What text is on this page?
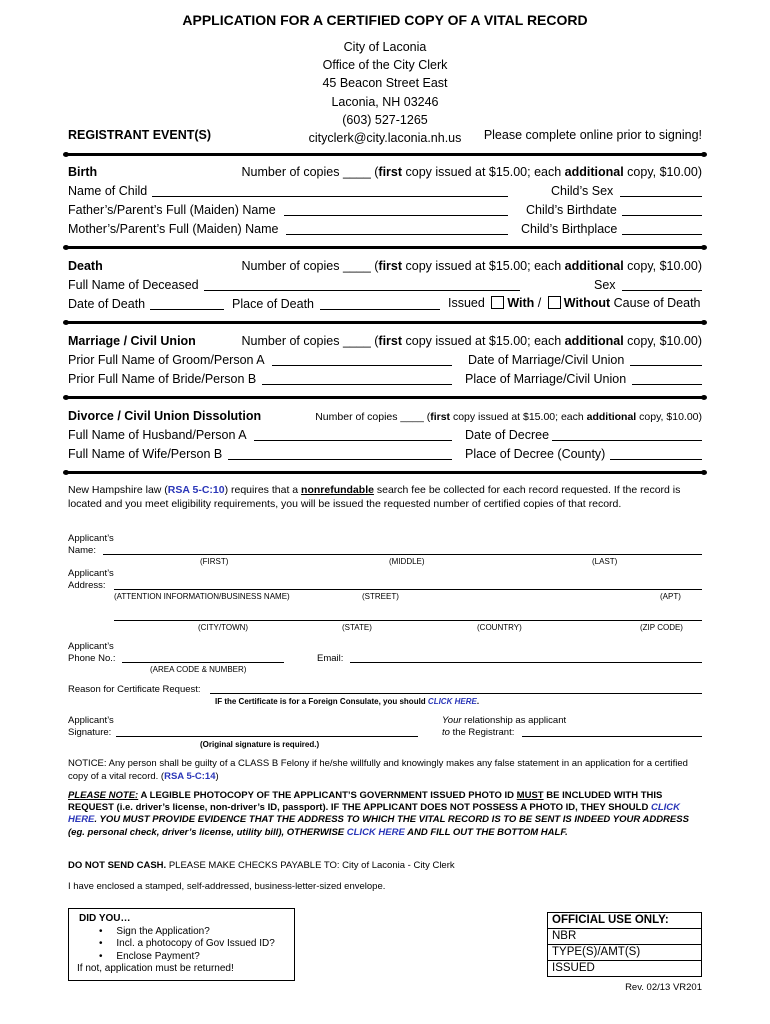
APPLICATION FOR A CERTIFIED COPY OF A VITAL RECORD
City of Laconia
Office of the City Clerk
45 Beacon Street East
Laconia, NH 03246
(603) 527-1265
cityclerk@city.laconia.nh.us
REGISTRANT EVENT(S)	Please complete online prior to signing!
Birth	Number of copies ____ (first copy issued at $15.00; each additional copy, $10.00)
Name of Child	Child’s Sex
Father’s/Parent’s Full (Maiden) Name	Child’s Birthdate
Mother’s/Parent’s Full (Maiden) Name	Child’s Birthplace
Death	Number of copies ____ (first copy issued at $15.00; each additional copy, $10.00)
Full Name of Deceased	Sex
Date of Death	Place of Death	Issued With / Without Cause of Death
Marriage / Civil Union	Number of copies ____ (first copy issued at $15.00; each additional copy, $10.00)
Prior Full Name of Groom/Person A	Date of Marriage/Civil Union
Prior Full Name of Bride/Person B	Place of Marriage/Civil Union
Divorce / Civil Union Dissolution	Number of copies ____ (first copy issued at $15.00; each additional copy, $10.00)
Full Name of Husband/Person A	Date of Decree
Full Name of Wife/Person B	Place of Decree (County)
New Hampshire law (RSA 5-C:10) requires that a nonrefundable search fee be collected for each record requested. If the record is located and you meet eligibility requirements, you will be issued the requested number of certified copies of that record.
Applicant’s
Name:
(FIRST)	(MIDDLE)	(LAST)
Applicant’s
Address:
(ATTENTION INFORMATION/BUSINESS NAME)	(STREET)	(APT)
(CITY/TOWN)	(STATE)	(COUNTRY)	(ZIP CODE)
Applicant’s
Phone No.:
(AREA CODE & NUMBER)
Email:
Reason for Certificate Request:
IF the Certificate is for a Foreign Consulate, you should CLICK HERE.
Applicant’s
Signature:
(Original signature is required.)
Your relationship as applicant
to the Registrant:
NOTICE: Any person shall be guilty of a CLASS B Felony if he/she willfully and knowingly makes any false statement in an application for a certified copy of a vital record. (RSA 5-C:14)
PLEASE NOTE: A LEGIBLE PHOTOCOPY OF THE APPLICANT’S GOVERNMENT ISSUED PHOTO ID MUST BE INCLUDED WITH THIS REQUEST (i.e. driver’s license, non-driver’s ID, passport). IF THE APPLICANT DOES NOT POSSESS A PHOTO ID, THEY SHOULD CLICK HERE. YOU MUST PROVIDE EVIDENCE THAT THE ADDRESS TO WHICH THE VITAL RECORD IS TO BE SENT IS INDEED YOUR ADDRESS (eg. personal check, driver’s license, utility bill), OTHERWISE CLICK HERE AND FILL OUT THE BOTTOM HALF.
DO NOT SEND CASH. PLEASE MAKE CHECKS PAYABLE TO: City of Laconia - City Clerk
I have enclosed a stamped, self-addressed, business-letter-sized envelope.
DID YOU…
•     Sign the Application?
•     Incl. a photocopy of Gov Issued ID?
•     Enclose Payment?
If not, application must be returned!
OFFICIAL USE ONLY:
NBR
TYPE(S)/AMT(S)
ISSUED
Rev. 02/13 VR201
